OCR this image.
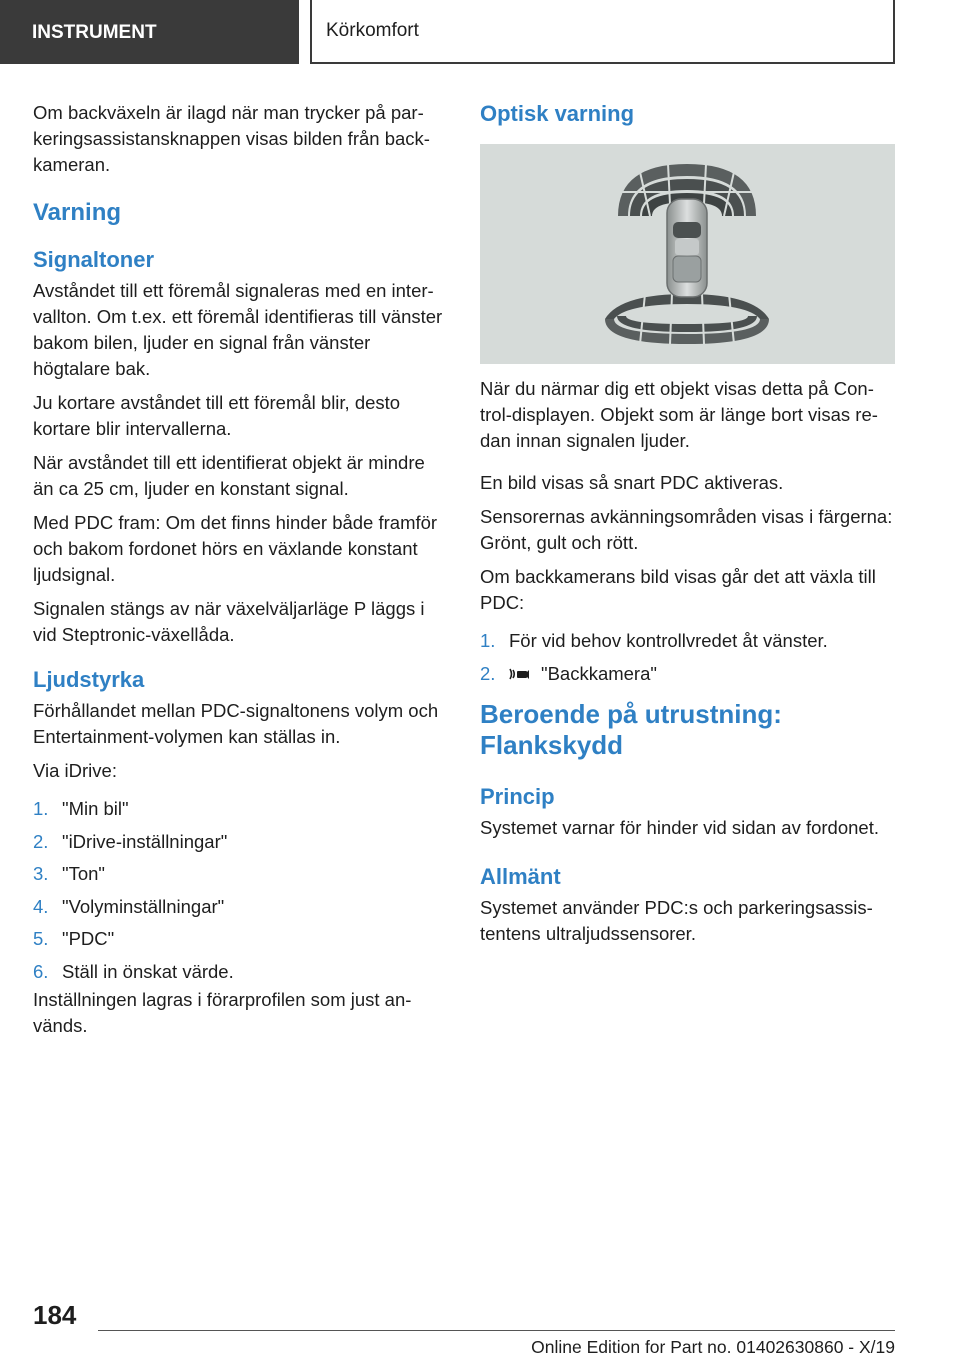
INSTRUMENT	Körkomfort

Om backväxeln är ilagd när man trycker på parkeringsassistansknappen visas bilden från backkameran.

Varning
Signaltoner

Avståndet till ett föremål signaleras med en intervallton. Om t.ex. ett föremål identifieras till vänster bakom bilen, ljuder en signal från vänster högtalare bak.

Ju kortare avståndet till ett föremål blir, desto kortare blir intervallerna.

När avståndet till ett identifierat objekt är mindre än ca 25 cm, ljuder en konstant signal.

Med PDC fram: Om det finns hinder både framför och bakom fordonet hörs en växlande konstant ljudsignal.

Signalen stängs av när växelväljarläge P läggs i vid Steptronic-växellåda.

Ljudstyrka

Förhållandet mellan PDC-signaltonens volym och Entertainment-volymen kan ställas in.

Via iDrive:

1. "Min bil"
2. "iDrive-inställningar"
3. "Ton"
4. "Volyminställningar"
5. "PDC"
6. Ställ in önskat värde.

Inställningen lagras i förarprofilen som just används.

Optisk varning

När du närmar dig ett objekt visas detta på Control-displayen. Objekt som är länge bort visas redan innan signalen ljuder.

En bild visas så snart PDC aktiveras.

Sensorernas avkänningsområden visas i färgerna: Grönt, gult och rött.

Om backkamerans bild visas går det att växla till PDC:

1. För vid behov kontrollvredet åt vänster.
2.	"Backkamera"
Beroende på utrustning: Flankskydd
Princip

Systemet varnar för hinder vid sidan av fordonet.

Allmänt

Systemet använder PDC:s och parkeringsassistentens ultraljudssensorer.

184
Online Edition for Part no. 01402630860 - X/19
